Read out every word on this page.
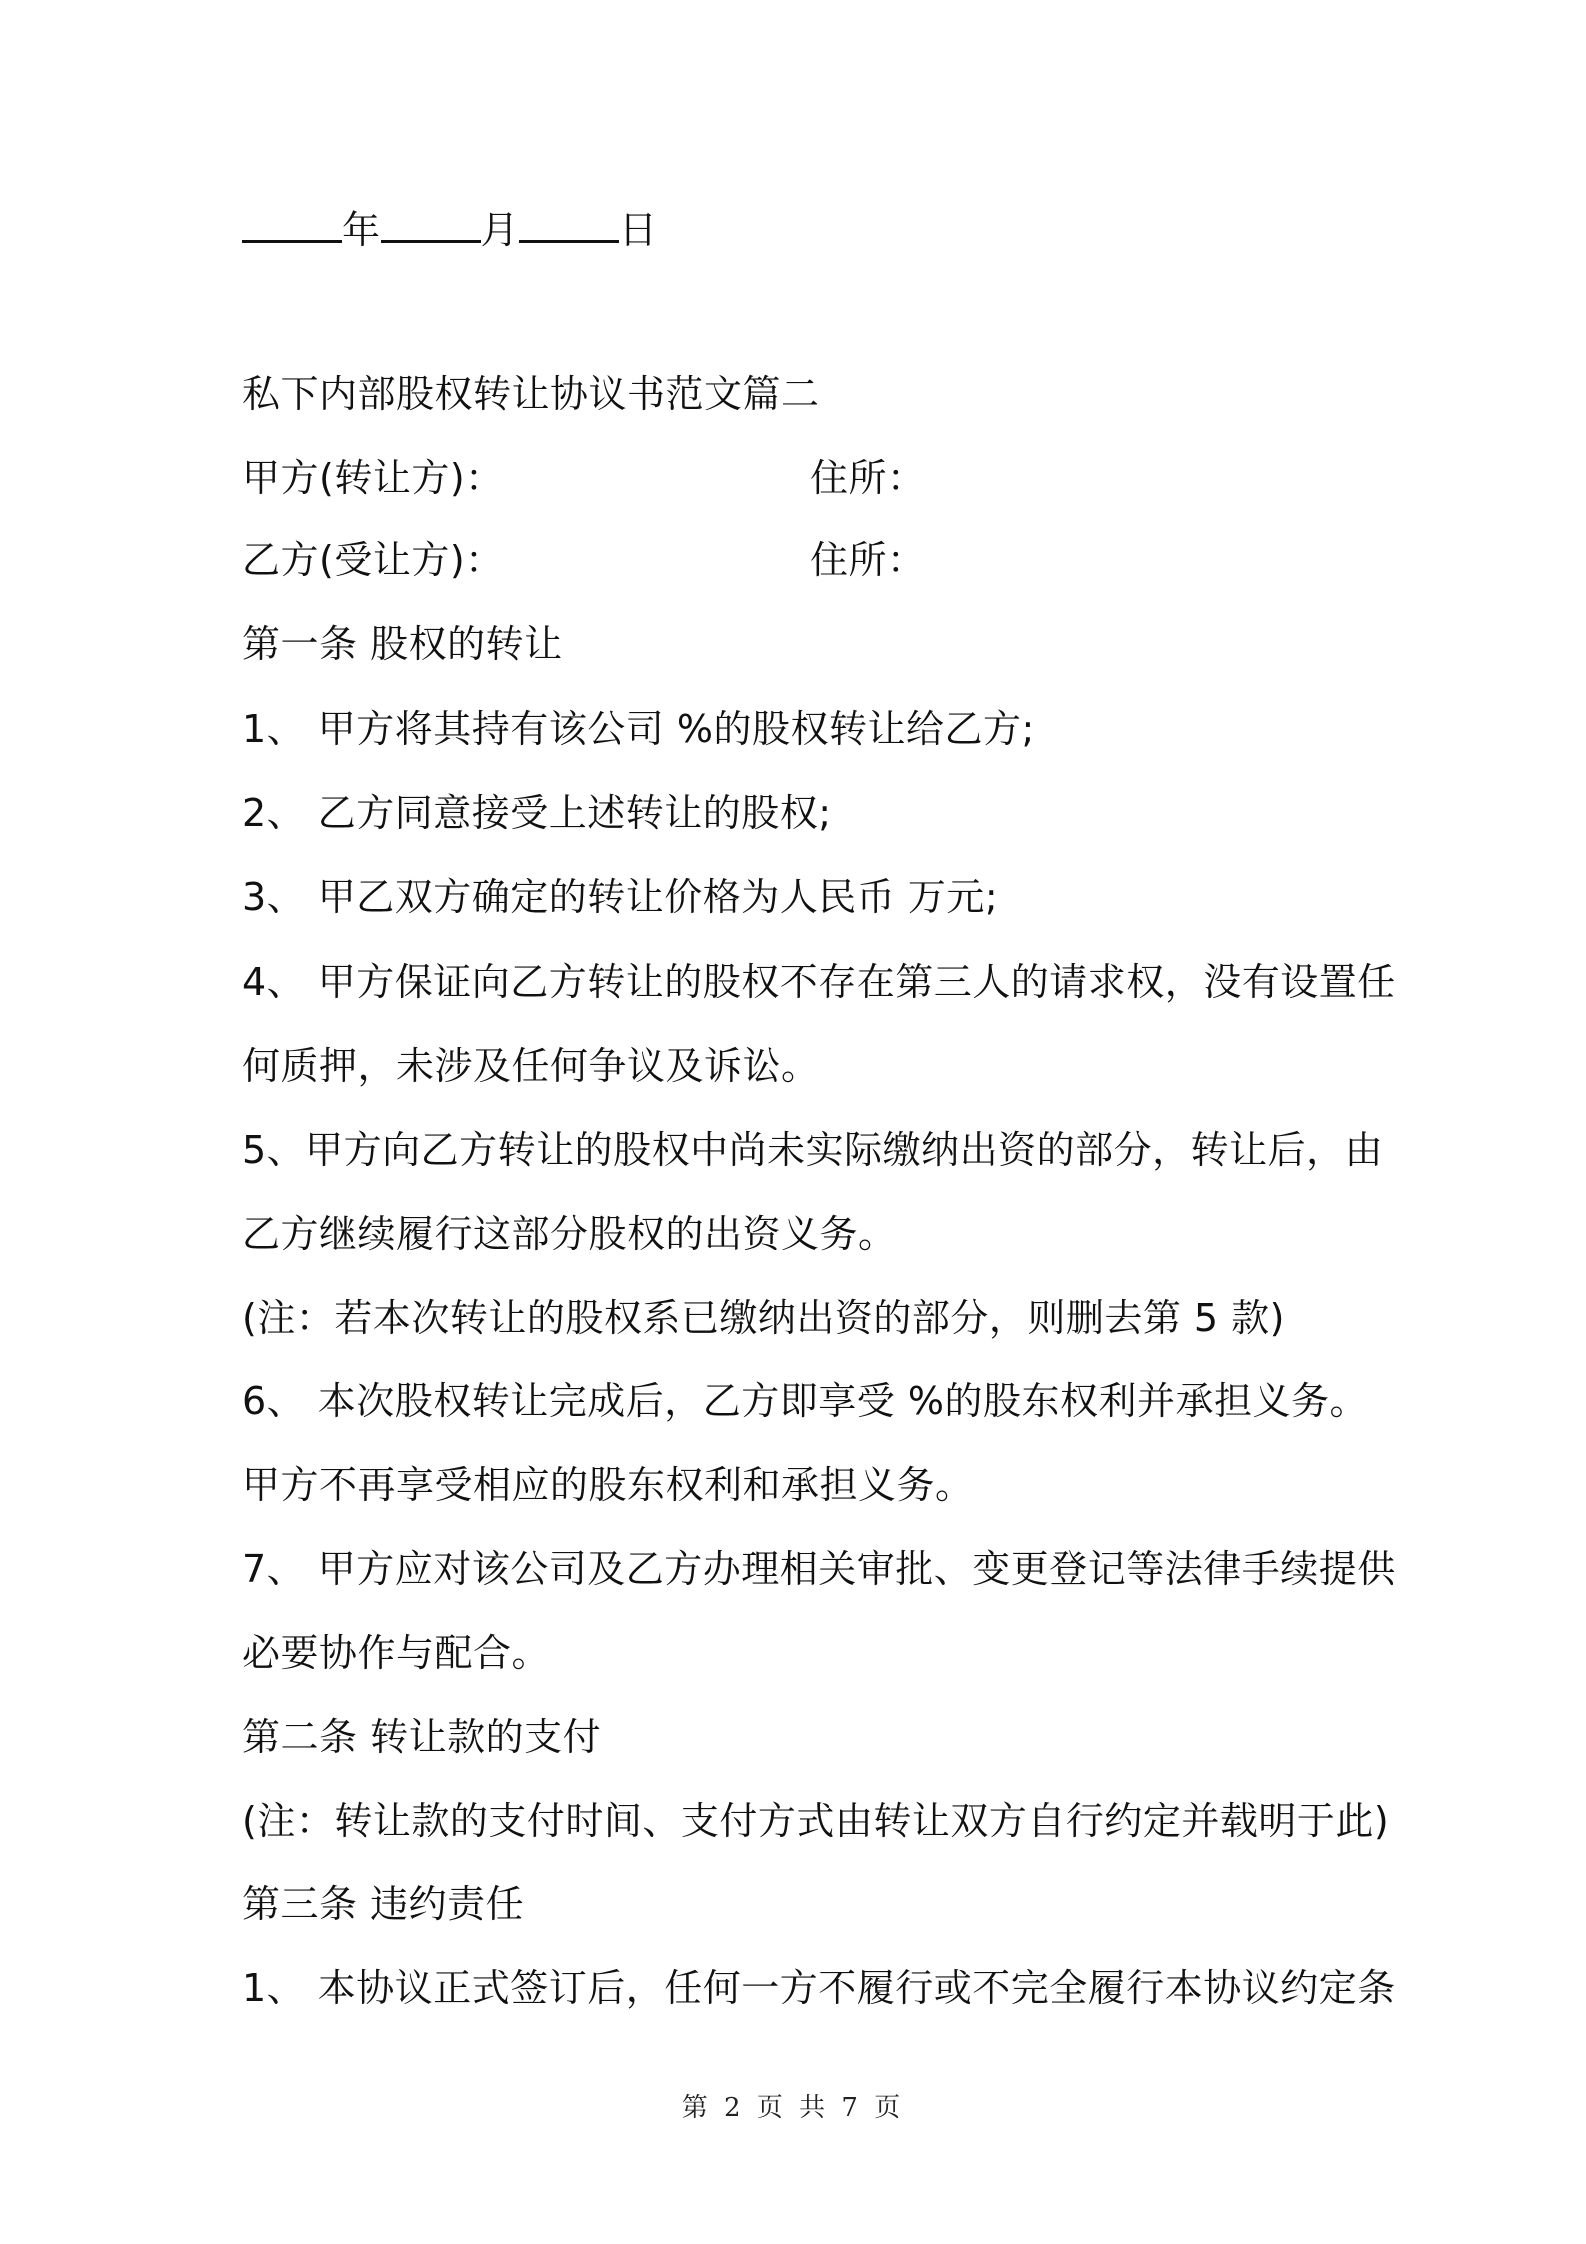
年	月	日
私下内部股权转让协议书范文篇二
甲方(转让方)：	住所：
乙方(受让方)：	住所：
第一条 股权的转让
1、 甲方将其持有该公司 %的股权转让给乙方;
2、 乙方同意接受上述转让的股权;
3、 甲乙双方确定的转让价格为人民币 万元;
4、 甲方保证向乙方转让的股权不存在第三人的请求权，没有设置任
何质押，未涉及任何争议及诉讼。
5、甲方向乙方转让的股权中尚未实际缴纳出资的部分，转让后，由
乙方继续履行这部分股权的出资义务。
(注：若本次转让的股权系已缴纳出资的部分，则删去第 5 款)
6、 本次股权转让完成后，乙方即享受 %的股东权利并承担义务。
甲方不再享受相应的股东权利和承担义务。
7、 甲方应对该公司及乙方办理相关审批、变更登记等法律手续提供
必要协作与配合。
第二条 转让款的支付
(注：转让款的支付时间、支付方式由转让双方自行约定并载明于此)
第三条 违约责任
1、 本协议正式签订后，任何一方不履行或不完全履行本协议约定条
第 2 页 共 7 页
